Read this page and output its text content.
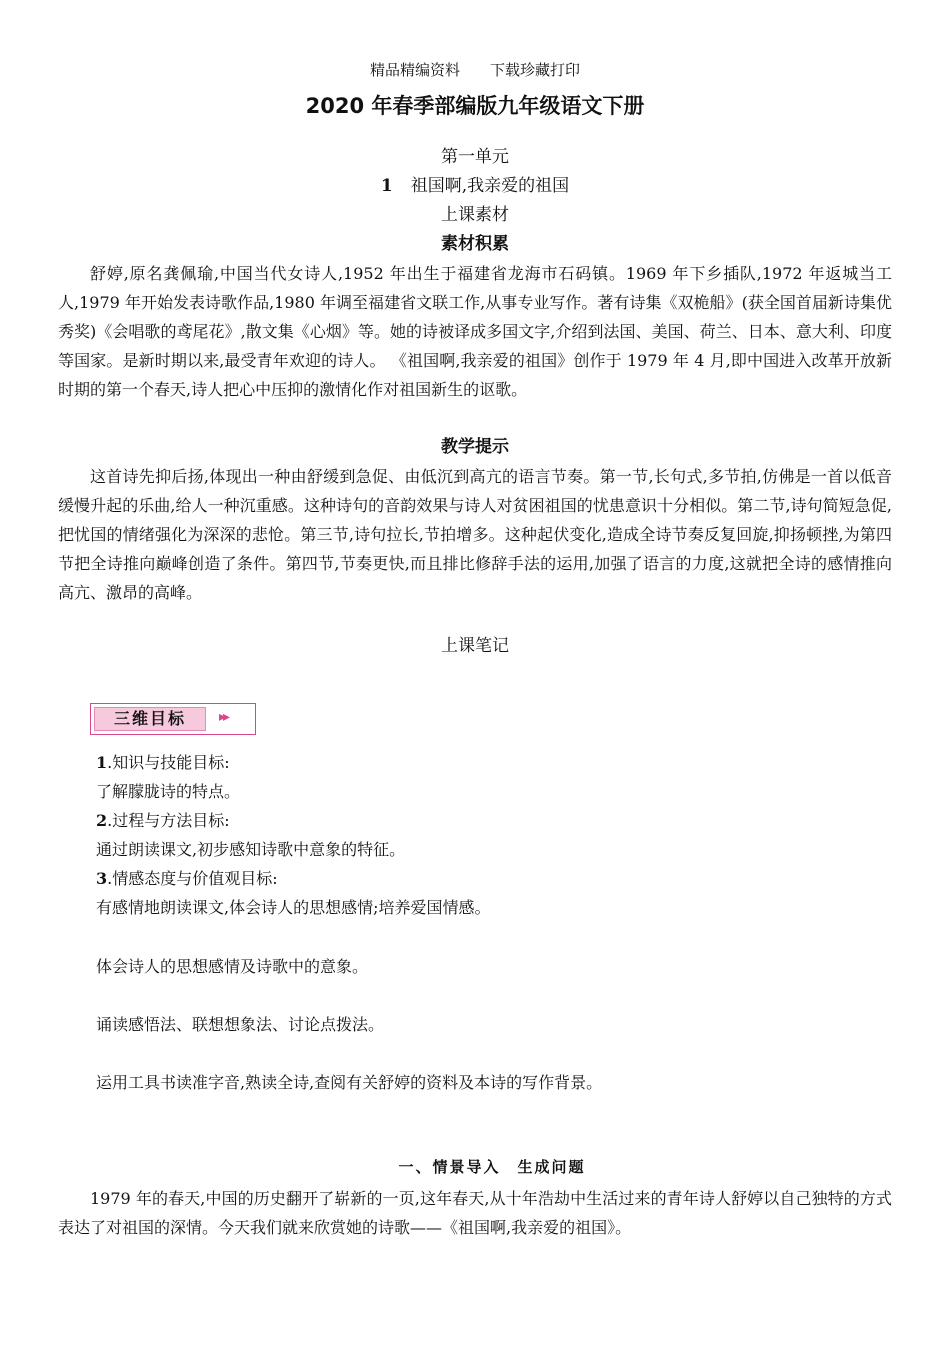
精品精编资料　　下载珍藏打印
2020 年春季部编版九年级语文下册
第一单元
1 祖国啊,我亲爱的祖国
上课素材
素材积累

舒婷,原名龚佩瑜,中国当代女诗人,1952 年出生于福建省龙海市石码镇。1969 年下乡插队,1972 年返城当工人,1979 年开始发表诗歌作品,1980 年调至福建省文联工作,从事专业写作。著有诗集《双桅船》(获全国首届新诗集优秀奖)《会唱歌的鸢尾花》,散文集《心烟》等。她的诗被译成多国文字,介绍到法国、美国、荷兰、日本、意大利、印度等国家。是新时期以来,最受青年欢迎的诗人。 《祖国啊,我亲爱的祖国》创作于 1979 年 4 月,即中国进入改革开放新时期的第一个春天,诗人把心中压抑的激情化作对祖国新生的讴歌。

教学提示

这首诗先抑后扬,体现出一种由舒缓到急促、由低沉到高亢的语言节奏。第一节,长句式,多节拍,仿佛是一首以低音缓慢升起的乐曲,给人一种沉重感。这种诗句的音韵效果与诗人对贫困祖国的忧患意识十分相似。第二节,诗句简短急促,把忧国的情绪强化为深深的悲怆。第三节,诗句拉长,节拍增多。这种起伏变化,造成全诗节奏反复回旋,抑扬顿挫,为第四节把全诗推向巅峰创造了条件。第四节,节奏更快,而且排比修辞手法的运用,加强了语言的力度,这就把全诗的感情推向高亢、激昂的高峰。

上课笔记
三维目标	▸▸
1.知识与技能目标:
了解朦胧诗的特点。
2.过程与方法目标:
通过朗读课文,初步感知诗歌中意象的特征。
3.情感态度与价值观目标:
有感情地朗读课文,体会诗人的思想感情;培养爱国情感。
体会诗人的思想感情及诗歌中的意象。
诵读感悟法、联想想象法、讨论点拨法。
运用工具书读准字音,熟读全诗,查阅有关舒婷的资料及本诗的写作背景。
一、情景导入　生成问题

1979 年的春天,中国的历史翻开了崭新的一页,这年春天,从十年浩劫中生活过来的青年诗人舒婷以自己独特的方式表达了对祖国的深情。今天我们就来欣赏她的诗歌——《祖国啊,我亲爱的祖国》。
